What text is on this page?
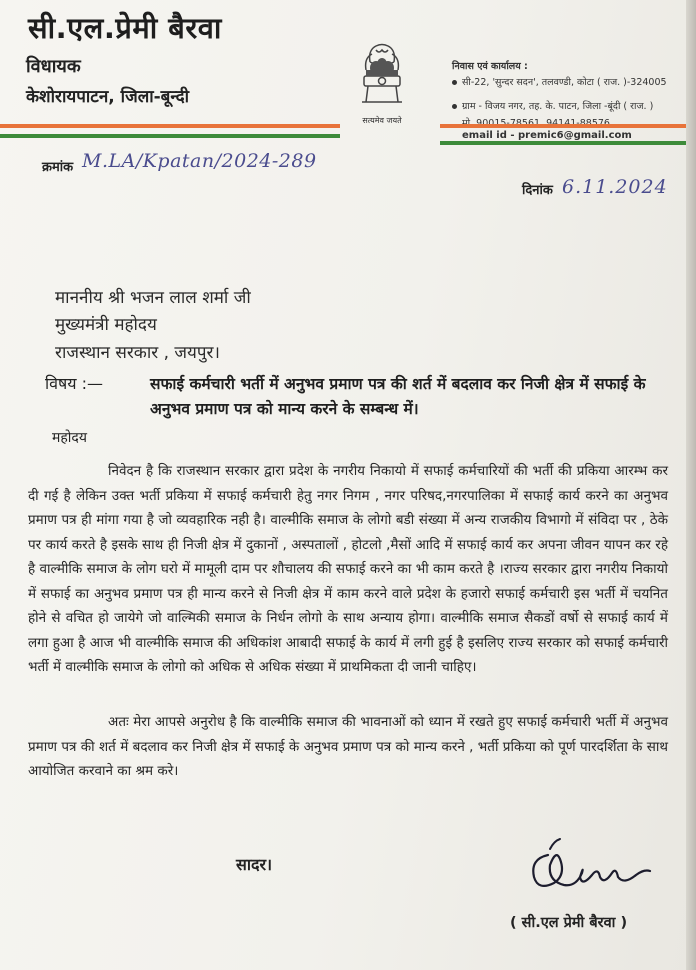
सी.एल.प्रेमी बैरवा
विधायक
केशोरायपाटन, जिला-बून्दी
सत्यमेव जयते
निवास एवं कार्यालय :
सी-22, 'सुन्दर सदन', तलवण्डी, कोटा ( राज. )-324005
ग्राम - विजय नगर, तह. के. पाटन, जिला -बूंदी ( राज. )
email id - premic6@gmail.com
क्रमांक M.LA/Kpatan/2024-289
दिनांक 6.11.2024
माननीय श्री भजन लाल शर्मा जी
मुख्यमंत्री महोदय
राजस्थान सरकार , जयपुर।
विषय :—	सफाई कर्मचारी भर्ती में अनुभव प्रमाण पत्र की शर्त में बदलाव कर निजी क्षेत्र में सफाई के अनुभव प्रमाण पत्र को मान्य करने के सम्बन्ध में।
महोदय
निवेदन है कि राजस्थान सरकार द्वारा प्रदेश के नगरीय निकायो में सफाई कर्मचारियों की भर्ती की प्रकिया आरम्भ कर दी गई है लेकिन उक्त भर्ती प्रकिया में सफाई कर्मचारी हेतु नगर निगम , नगर परिषद,नगरपालिका में सफाई कार्य करने का अनुभव प्रमाण पत्र ही मांगा गया है जो व्यवहारिक नही है। वाल्मीकि समाज के लोगो बडी संख्या में अन्य राजकीय विभागो में संविदा पर , ठेके पर कार्य करते है इसके साथ ही निजी क्षेत्र में दुकानों , अस्पतालों , होटलो ,मैसों आदि में सफाई कार्य कर अपना जीवन यापन कर रहे है वाल्मीकि समाज के लोग घरो में मामूली दाम पर शौचालय की सफाई करने का भी काम करते है ।राज्य सरकार द्वारा नगरीय निकायो में सफाई का अनुभव प्रमाण पत्र ही मान्य करने से निजी क्षेत्र में काम करने वाले प्रदेश के हजारो सफाई कर्मचारी इस भर्ती में चयनित होने से वचित हो जायेगे जो वाल्मिकी समाज के निर्धन लोगो के साथ अन्याय होगा। वाल्मीकि समाज सैकडों वर्षो से सफाई कार्य में लगा हुआ है आज भी वाल्मीकि समाज की अधिकांश आबादी सफाई के कार्य में लगी हुई है इसलिए राज्य सरकार को सफाई कर्मचारी भर्ती में वाल्मीकि समाज के लोगो को अधिक से अधिक संख्या में प्राथमिकता दी जानी चाहिए।
अतः मेरा आपसे अनुरोध है कि वाल्मीकि समाज की भावनाओं को ध्यान में रखते हुए सफाई कर्मचारी भर्ती में अनुभव प्रमाण पत्र की शर्त में बदलाव कर निजी क्षेत्र में सफाई के अनुभव प्रमाण पत्र को मान्य करने , भर्ती प्रकिया को पूर्ण पारदर्शिता के साथ आयोजित करवाने का श्रम करे।
सादर।
( सी.एल प्रेमी बैरवा )
